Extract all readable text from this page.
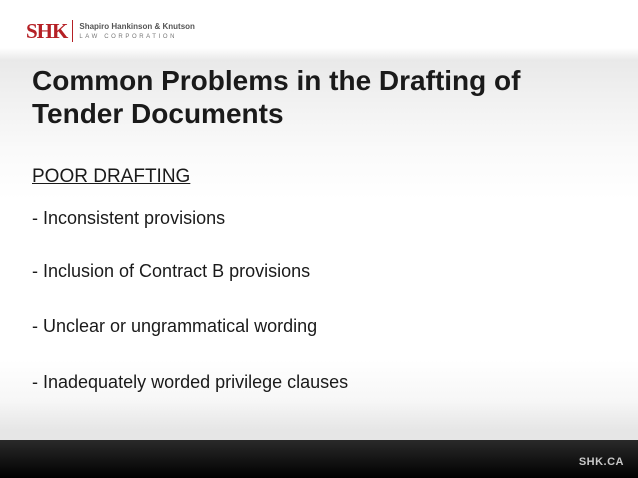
SHK Shapiro Hankinson & Knutson
LAW CORPORATION
Common Problems in the Drafting of Tender Documents

POOR DRAFTING

- Inconsistent provisions

- Inclusion of Contract B provisions

- Unclear or ungrammatical wording

- Inadequately worded privilege clauses

SHK.CA
